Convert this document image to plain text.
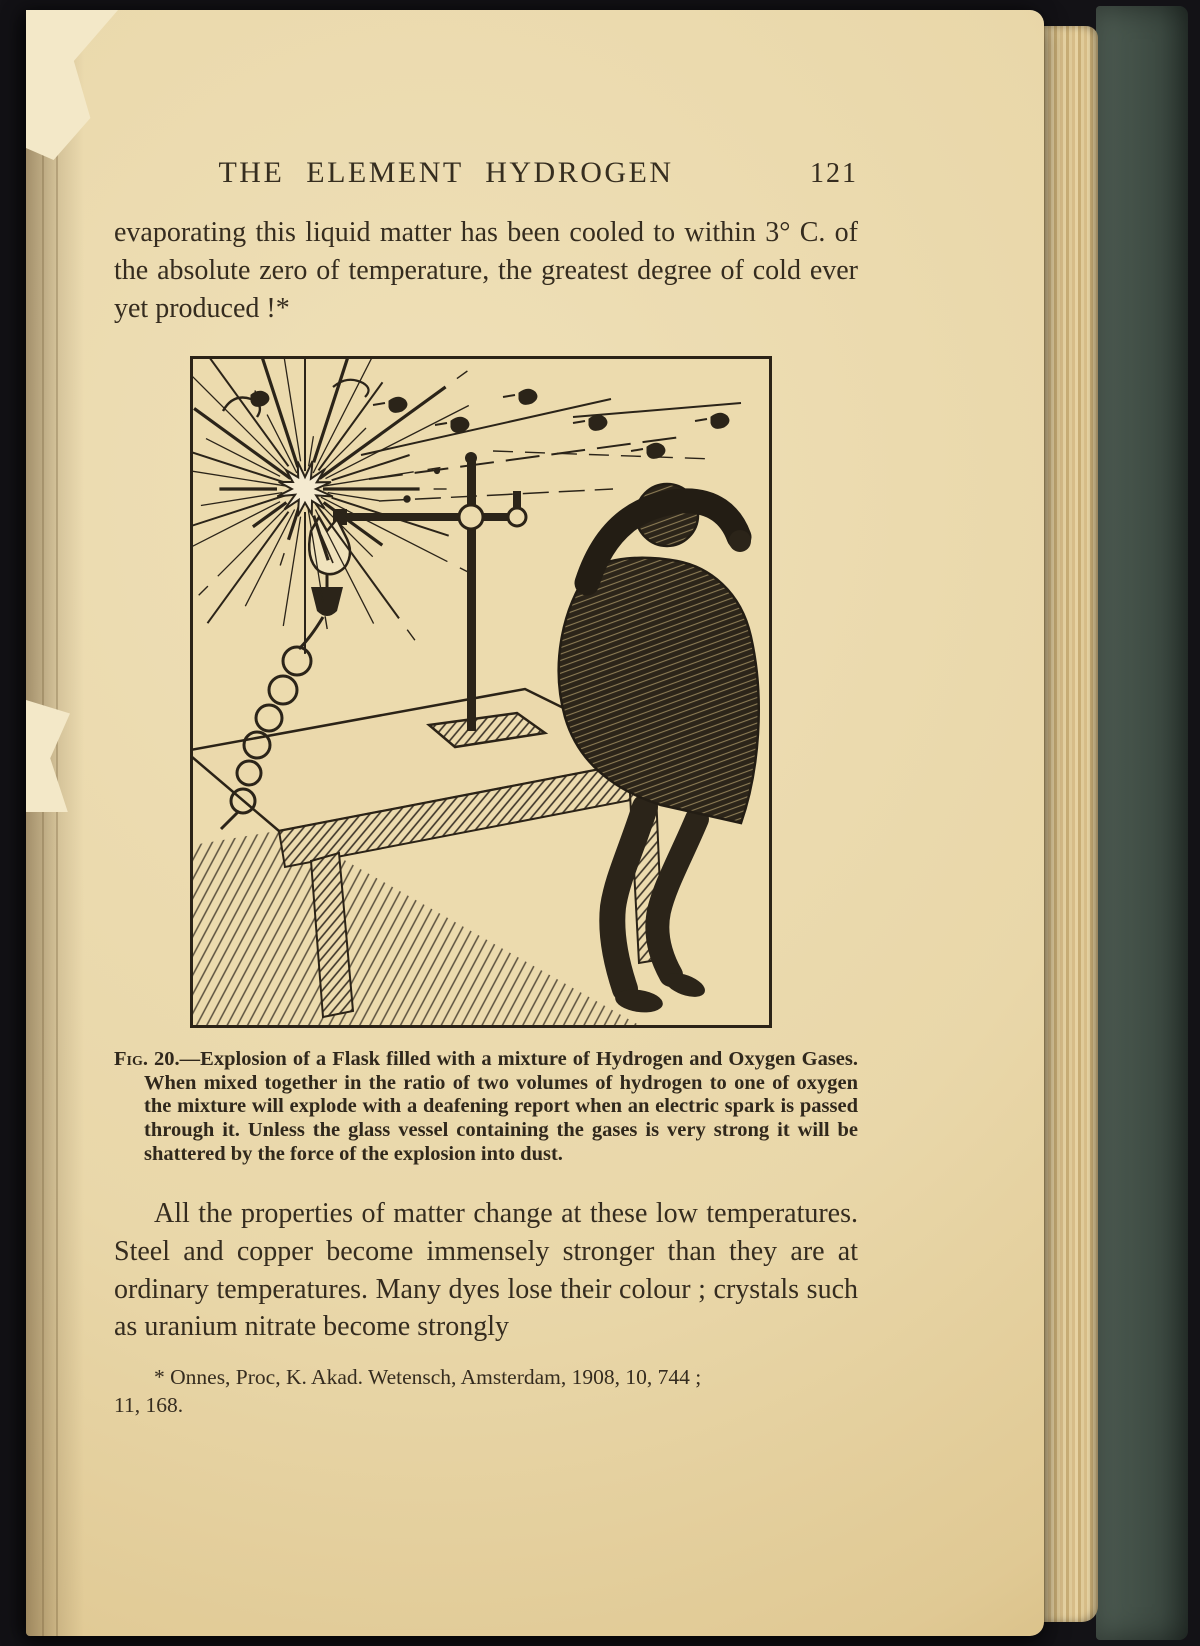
THE ELEMENT HYDROGEN	121

evaporating this liquid matter has been cooled to within 3° C. of the absolute zero of temperature, the greatest degree of cold ever yet produced !*

Fig. 20.—Explosion of a Flask filled with a mixture of Hydrogen and Oxygen Gases. When mixed together in the ratio of two volumes of hydrogen to one of oxygen the mixture will explode with a deafening report when an electric spark is passed through it. Unless the glass vessel containing the gases is very strong it will be shattered by the force of the explosion into dust.

All the properties of matter change at these low temperatures. Steel and copper become immensely stronger than they are at ordinary temperatures. Many dyes lose their colour ; crystals such as uranium nitrate become strongly

* Onnes, Proc, K. Akad. Wetensch, Amsterdam, 1908, 10, 744 ;
11, 168.
